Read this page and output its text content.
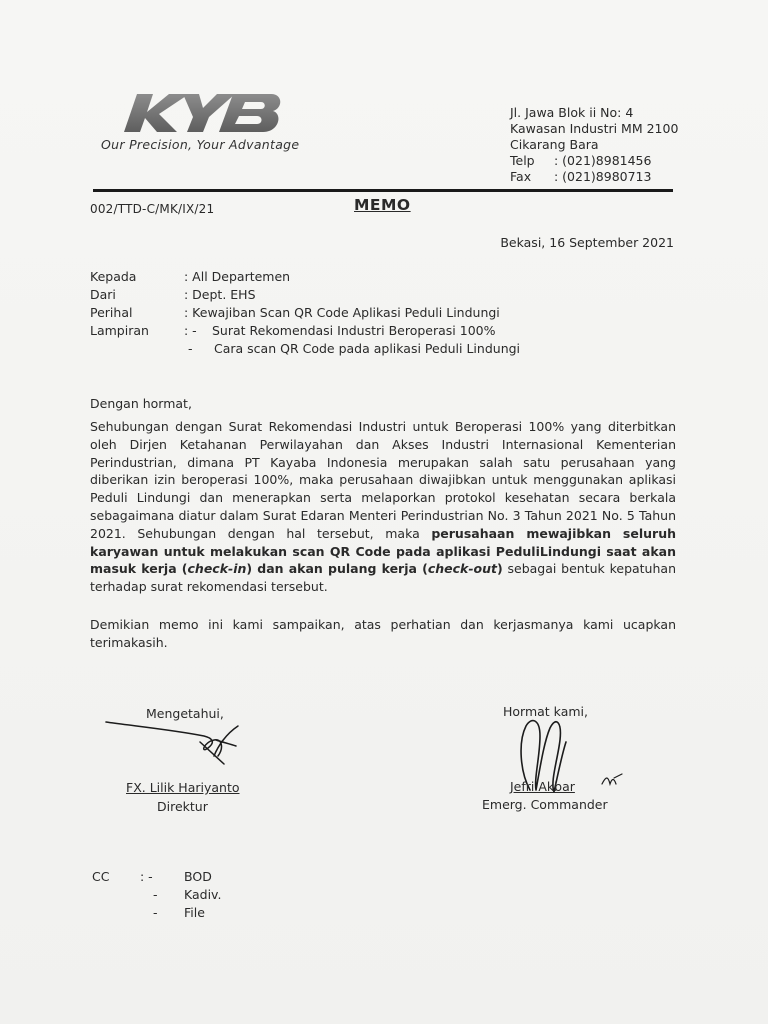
Our Precision, Your Advantage
Jl. Jawa Blok ii No: 4
Kawasan Industri MM 2100
Cikarang Bara
Telp : (021)8981456
Fax : (021)8980713
002/TTD-C/MK/IX/21	MEMO
Bekasi, 16 September 2021
Kepada	: All Departemen
Dari	: Dept. EHS
Perihal	: Kewajiban Scan QR Code Aplikasi Peduli Lindungi
Lampiran	: - Surat Rekomendasi Industri Beroperasi 100%
- Cara scan QR Code pada aplikasi Peduli Lindungi
Dengan hormat,
Sehubungan dengan Surat Rekomendasi Industri untuk Beroperasi 100% yang diterbitkan oleh Dirjen Ketahanan Perwilayahan dan Akses Industri Internasional Kementerian Perindustrian, dimana PT Kayaba Indonesia merupakan salah satu perusahaan yang diberikan izin beroperasi 100%, maka perusahaan diwajibkan untuk menggunakan aplikasi Peduli Lindungi dan menerapkan serta melaporkan protokol kesehatan secara berkala sebagaimana diatur dalam Surat Edaran Menteri Perindustrian No. 3 Tahun 2021 No. 5 Tahun 2021. Sehubungan dengan hal tersebut, maka perusahaan mewajibkan seluruh karyawan untuk melakukan scan QR Code pada aplikasi PeduliLindungi saat akan masuk kerja (check-in) dan akan pulang kerja (check-out) sebagai bentuk kepatuhan terhadap surat rekomendasi tersebut.
Demikian memo ini kami sampaikan, atas perhatian dan kerjasmanya kami ucapkan terimakasih.
Mengetahui,
FX. Lilik Hariyanto
Direktur
Hormat kami,
Jefri Akbar
Emerg. Commander
CC : -	BOD
- Kadiv.
- File
